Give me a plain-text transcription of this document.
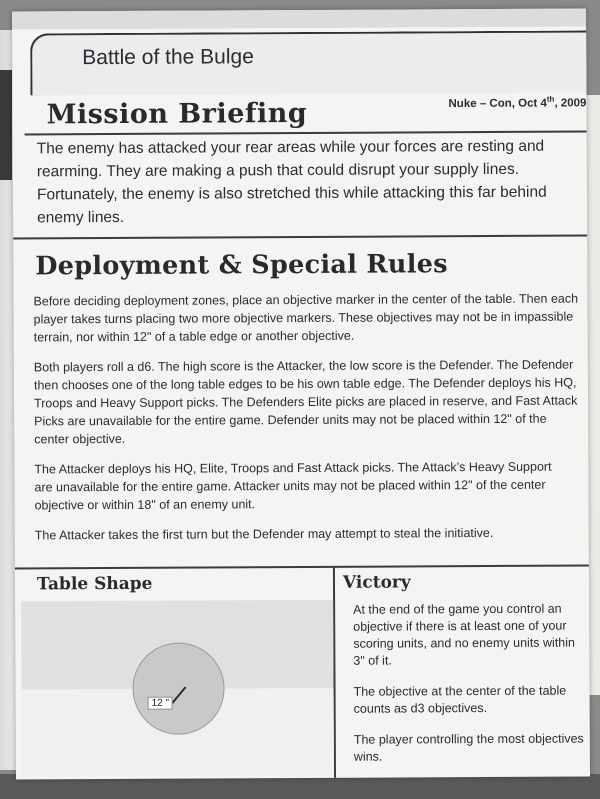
Battle of the Bulge
Mission Briefing	Nuke – Con, Oct 4th, 2009

The enemy has attacked your rear areas while your forces are resting and rearming. They are making a push that could disrupt your supply lines. Fortunately, the enemy is also stretched this while attacking this far behind enemy lines.

Deployment & Special Rules

Before deciding deployment zones, place an objective marker in the center of the table. Then each player takes turns placing two more objective markers. These objectives may not be in impassible terrain, nor within 12" of a table edge or another objective.

Both players roll a d6. The high score is the Attacker, the low score is the Defender. The Defender then chooses one of the long table edges to be his own table edge. The Defender deploys his HQ, Troops and Heavy Support picks. The Defenders Elite picks are placed in reserve, and Fast Attack Picks are unavailable for the entire game. Defender units may not be placed within 12" of the center objective.

The Attacker deploys his HQ, Elite, Troops and Fast Attack picks. The Attack’s Heavy Support
are unavailable for the entire game. Attacker units may not be placed within 12" of the center objective or within 18" of an enemy unit.

The Attacker takes the first turn but the Defender may attempt to steal the initiative.

Table Shape	Victory
12 "

At the end of the game you control an objective if there is at least one of your scoring units, and no enemy units within 3" of it.

The objective at the center of the table counts as d3 objectives.

The player controlling the most objectives wins.
